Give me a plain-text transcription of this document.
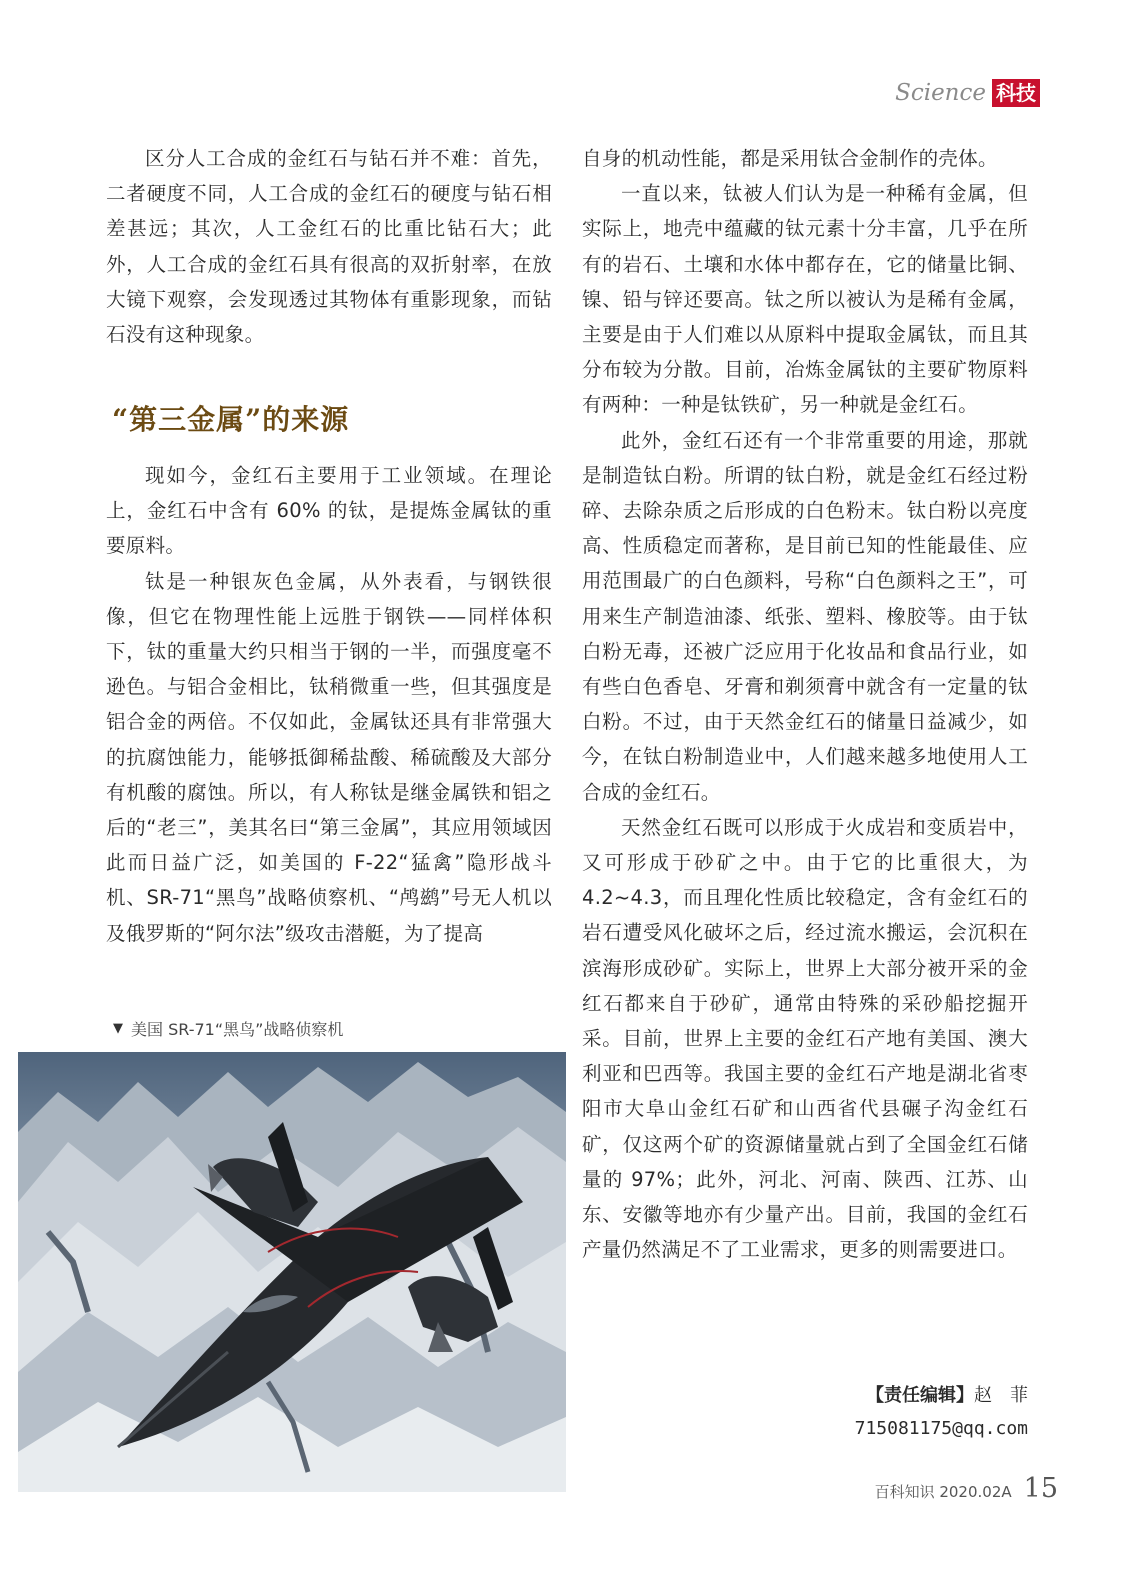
Science 科技

区分人工合成的金红石与钻石并不难：首先，二者硬度不同，人工合成的金红石的硬度与钻石相差甚远；其次，人工金红石的比重比钻石大；此外，人工合成的金红石具有很高的双折射率，在放大镜下观察，会发现透过其物体有重影现象，而钻石没有这种现象。

“第三金属”的来源

现如今，金红石主要用于工业领域。在理论上，金红石中含有 60% 的钛，是提炼金属钛的重要原料。

钛是一种银灰色金属，从外表看，与钢铁很像，但它在物理性能上远胜于钢铁——同样体积下，钛的重量大约只相当于钢的一半，而强度毫不逊色。与铝合金相比，钛稍微重一些，但其强度是铝合金的两倍。不仅如此，金属钛还具有非常强大的抗腐蚀能力，能够抵御稀盐酸、稀硫酸及大部分有机酸的腐蚀。所以，有人称钛是继金属铁和铝之后的“老三”，美其名曰“第三金属”，其应用领域因此而日益广泛，如美国的 F-22“猛禽”隐形战斗机、SR-71“黑鸟”战略侦察机、“鸬鹚”号无人机以及俄罗斯的“阿尔法”级攻击潜艇，为了提高

自身的机动性能，都是采用钛合金制作的壳体。

一直以来，钛被人们认为是一种稀有金属，但实际上，地壳中蕴藏的钛元素十分丰富，几乎在所有的岩石、土壤和水体中都存在，它的储量比铜、镍、铅与锌还要高。钛之所以被认为是稀有金属，主要是由于人们难以从原料中提取金属钛，而且其分布较为分散。目前，冶炼金属钛的主要矿物原料有两种：一种是钛铁矿，另一种就是金红石。

此外，金红石还有一个非常重要的用途，那就是制造钛白粉。所谓的钛白粉，就是金红石经过粉碎、去除杂质之后形成的白色粉末。钛白粉以亮度高、性质稳定而著称，是目前已知的性能最佳、应用范围最广的白色颜料，号称“白色颜料之王”，可用来生产制造油漆、纸张、塑料、橡胶等。由于钛白粉无毒，还被广泛应用于化妆品和食品行业，如有些白色香皂、牙膏和剃须膏中就含有一定量的钛白粉。不过，由于天然金红石的储量日益减少，如今，在钛白粉制造业中，人们越来越多地使用人工合成的金红石。

天然金红石既可以形成于火成岩和变质岩中，又可形成于砂矿之中。由于它的比重很大，为 4.2~4.3，而且理化性质比较稳定，含有金红石的岩石遭受风化破坏之后，经过流水搬运，会沉积在滨海形成砂矿。实际上，世界上大部分被开采的金红石都来自于砂矿，通常由特殊的采砂船挖掘开采。目前，世界上主要的金红石产地有美国、澳大利亚和巴西等。我国主要的金红石产地是湖北省枣阳市大阜山金红石矿和山西省代县碾子沟金红石矿，仅这两个矿的资源储量就占到了全国金红石储量的 97%；此外，河北、河南、陕西、江苏、山东、安徽等地亦有少量产出。目前，我国的金红石产量仍然满足不了工业需求，更多的则需要进口。

▼ 美国 SR-71“黑鸟”战略侦察机
【责任编辑】赵　菲
715081175@qq.com
百科知识 2020.02A 15
